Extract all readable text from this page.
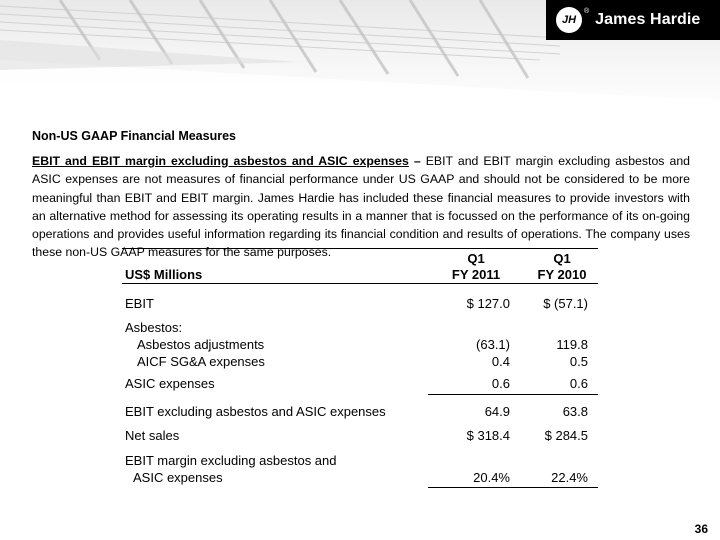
JH
® James Hardie
Non-US GAAP Financial Measures
EBIT and EBIT margin excluding asbestos and ASIC expenses – EBIT and EBIT margin excluding asbestos and ASIC expenses are not measures of financial performance under US GAAP and should not be considered to be more meaningful than EBIT and EBIT margin. James Hardie has included these financial measures to provide investors with an alternative method for assessing its operating results in a manner that is focussed on the performance of its on-going operations and provides useful information regarding its financial condition and results of operations. The company uses these non-US GAAP measures for the same purposes.	Q1	Q1
US$ Millions	FY 2011	FY 2010
EBIT	$ 127.0	$ (57.1)
Asbestos:
Asbestos adjustments	(63.1)	119.8
AICF SG&A expenses	0.4	0.5
ASIC expenses	0.6	0.6
EBIT excluding asbestos and ASIC expenses	64.9	63.8
Net sales	$ 318.4	$ 284.5
EBIT margin excluding asbestos and
ASIC expenses	20.4%	22.4%
36
